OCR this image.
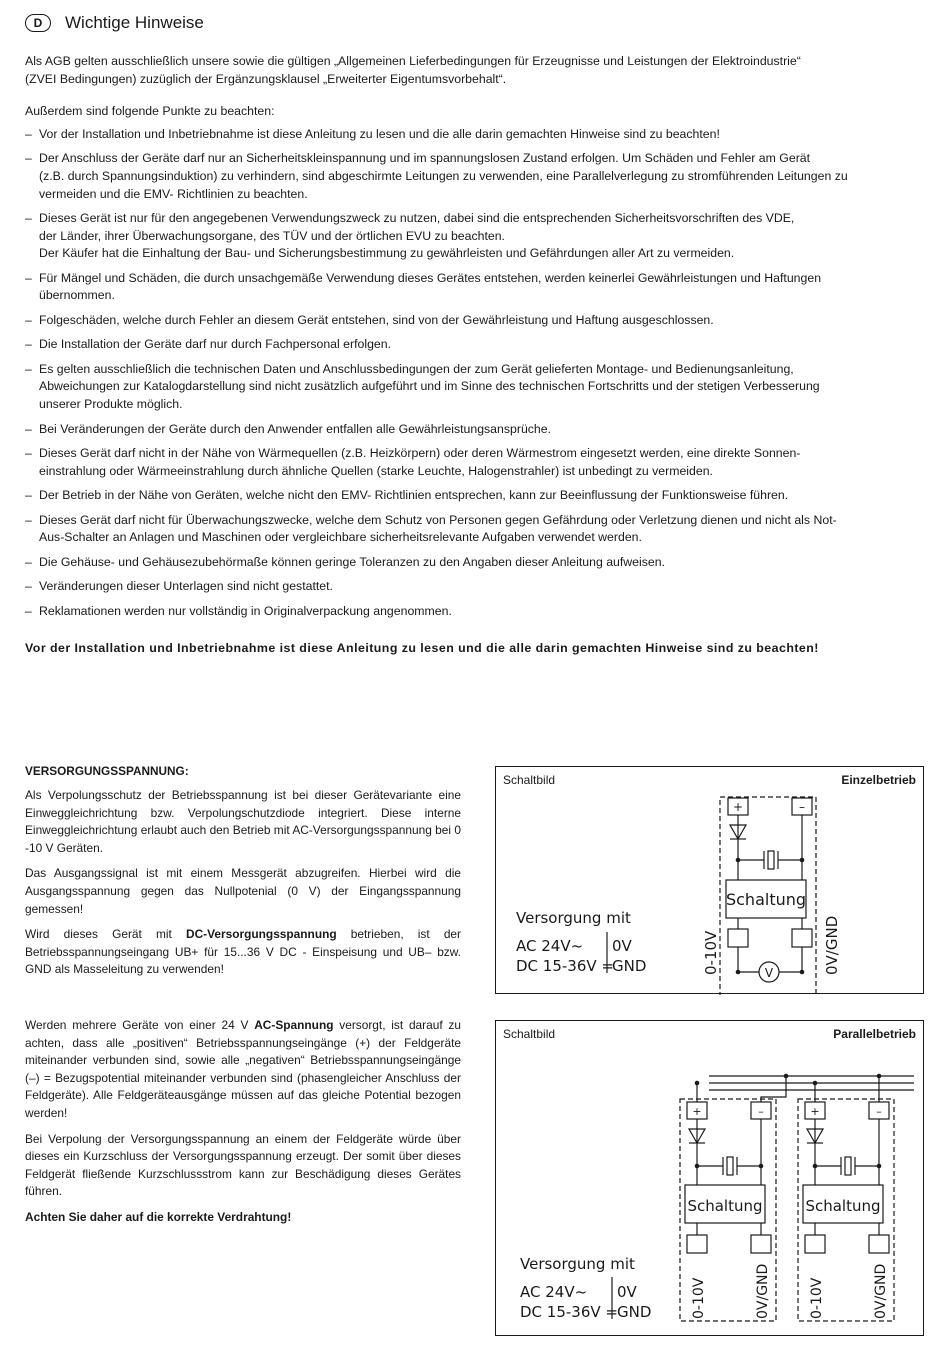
D	Wichtige Hinweise

Als AGB gelten ausschließlich unsere sowie die gültigen „Allgemeinen Lieferbedingungen für Erzeugnisse und Leistungen der Elektroindustrie“
(ZVEI Bedingungen) zuzüglich der Ergänzungsklausel „Erweiterter Eigentumsvorbehalt“.

Außerdem sind folgende Punkte zu beachten:

– Vor der Installation und Inbetriebnahme ist diese Anleitung zu lesen und die alle darin gemachten Hinweise sind zu beachten!
– Der Anschluss der Geräte darf nur an Sicherheitskleinspannung und im spannungslosen Zustand erfolgen. Um Schäden und Fehler am Gerät
(z.B. durch Spannungsinduktion) zu verhindern, sind abgeschirmte Leitungen zu verwenden, eine Parallelverlegung zu stromführenden Leitungen zu
vermeiden und die EMV- Richtlinien zu beachten.
– Dieses Gerät ist nur für den angegebenen Verwendungszweck zu nutzen, dabei sind die entsprechenden Sicherheitsvorschriften des VDE,
der Länder, ihrer Überwachungsorgane, des TÜV und der örtlichen EVU zu beachten.
Der Käufer hat die Einhaltung der Bau- und Sicherungsbestimmung zu gewährleisten und Gefährdungen aller Art zu vermeiden.
– Für Mängel und Schäden, die durch unsachgemäße Verwendung dieses Gerätes entstehen, werden keinerlei Gewährleistungen und Haftungen
übernommen.
– Folgeschäden, welche durch Fehler an diesem Gerät entstehen, sind von der Gewährleistung und Haftung ausgeschlossen.
– Die Installation der Geräte darf nur durch Fachpersonal erfolgen.
– Es gelten ausschließlich die technischen Daten und Anschlussbedingungen der zum Gerät gelieferten Montage- und Bedienungsanleitung,
Abweichungen zur Katalogdarstellung sind nicht zusätzlich aufgeführt und im Sinne des technischen Fortschritts und der stetigen Verbesserung
unserer Produkte möglich.
– Bei Veränderungen der Geräte durch den Anwender entfallen alle Gewährleistungsansprüche.
– Dieses Gerät darf nicht in der Nähe von Wärmequellen (z.B. Heizkörpern) oder deren Wärmestrom eingesetzt werden, eine direkte Sonnen-
einstrahlung oder Wärmeeinstrahlung durch ähnliche Quellen (starke Leuchte, Halogenstrahler) ist unbedingt zu vermeiden.
– Der Betrieb in der Nähe von Geräten, welche nicht den EMV- Richtlinien entsprechen, kann zur Beeinflussung der Funktionsweise führen.
– Dieses Gerät darf nicht für Überwachungszwecke, welche dem Schutz von Personen gegen Gefährdung oder Verletzung dienen und nicht als Not-
Aus-Schalter an Anlagen und Maschinen oder vergleichbare sicherheitsrelevante Aufgaben verwendet werden.
– Die Gehäuse- und Gehäusezubehörmaße können geringe Toleranzen zu den Angaben dieser Anleitung aufweisen.
– Veränderungen dieser Unterlagen sind nicht gestattet.
– Reklamationen werden nur vollständig in Originalverpackung angenommen.

Vor der Installation und Inbetriebnahme ist diese Anleitung zu lesen und die alle darin gemachten Hinweise sind zu beachten!

VERSORGUNGSSPANNUNG:

Als Verpolungsschutz der Betriebsspannung ist bei dieser Gerätevariante eine Einweggleichrichtung bzw. Verpolungschutzdiode integriert. Diese interne Einweggleichrichtung erlaubt auch den Betrieb mit AC-Versorgungsspannung bei 0 -10 V Geräten.

Das Ausgangssignal ist mit einem Messgerät abzugreifen. Hierbei wird die Ausgangsspannung gegen das Nullpotenial (0 V) der Eingangsspannung gemessen!

Wird dieses Gerät mit DC-Versorgungsspannung betrieben, ist der Betriebsspannungseingang UB+ für 15...36 V DC - Einspeisung und UB– bzw. GND als Masseleitung zu verwenden!

Werden mehrere Geräte von einer 24 V AC-Spannung versorgt, ist darauf zu achten, dass alle „positiven“ Betriebsspannungseingänge (+) der Feldgeräte miteinander verbunden sind, sowie alle „negativen“ Betriebsspannungseingänge (–) = Bezugspotential miteinander verbunden sind (phasengleicher Anschluss der Feldgeräte). Alle Feldgeräteausgänge müssen auf das gleiche Potential bezogen werden!

Bei Verpolung der Versorgungsspannung an einem der Feldgeräte würde über dieses ein Kurzschluss der Versorgungsspannung erzeugt. Der somit über dieses Feldgerät fließende Kurzschlussstrom kann zur Beschädigung dieses Gerätes führen.

Achten Sie daher auf die korrekte Verdrahtung!

Schaltbild	Einzelbetrieb
+	–
Schaltung
V
0-10V	0V/GND
Versorgung mit
AC 24V~
DC 15-36V =
0V
GND
Schaltbild	Parallelbetrieb
+	–	+	–
Schaltung	Schaltung
0-10V	0V/GND	0-10V	0V/GND
Versorgung mit
AC 24V~
DC 15-36V =
0V
GND
